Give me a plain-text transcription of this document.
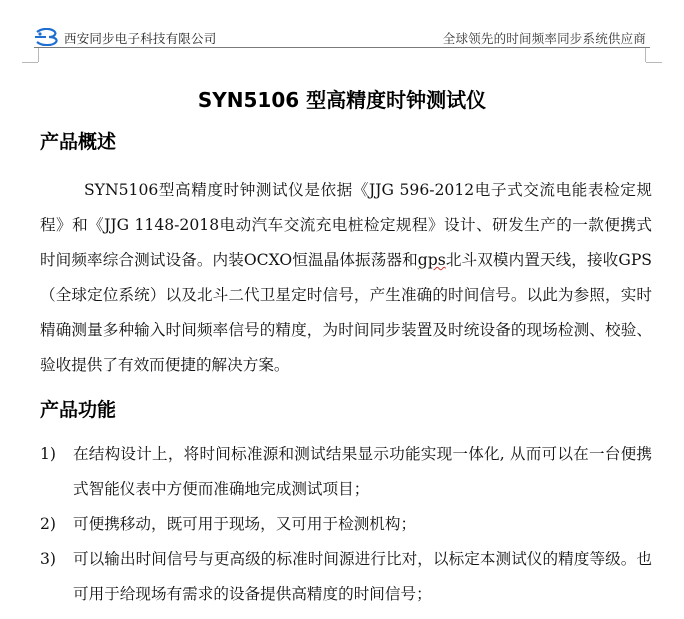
西安同步电子科技有限公司	全球领先的时间频率同步系统供应商
SYN5106 型高精度时钟测试仪
产品概述

SYN5106型高精度时钟测试仪是依据《JJG 596-2012电子式交流电能表检定规程》和《JJG 1148-2018电动汽车交流充电桩检定规程》设计、研发生产的一款便携式时间频率综合测试设备。内装OCXO恒温晶体振荡器和gps北斗双模内置天线，接收GPS（全球定位系统）以及北斗二代卫星定时信号，产生准确的时间信号。以此为参照，实时精确测量多种输入时间频率信号的精度，为时间同步装置及时统设备的现场检测、校验、验收提供了有效而便捷的解决方案。

产品功能
1) 在结构设计上，将时间标准源和测试结果显示功能实现一体化, 从而可以在一台便携式智能仪表中方便而准确地完成测试项目；
2) 可便携移动，既可用于现场，又可用于检测机构；
3) 可以输出时间信号与更高级的标准时间源进行比对，以标定本测试仪的精度等级。也可用于给现场有需求的设备提供高精度的时间信号；
